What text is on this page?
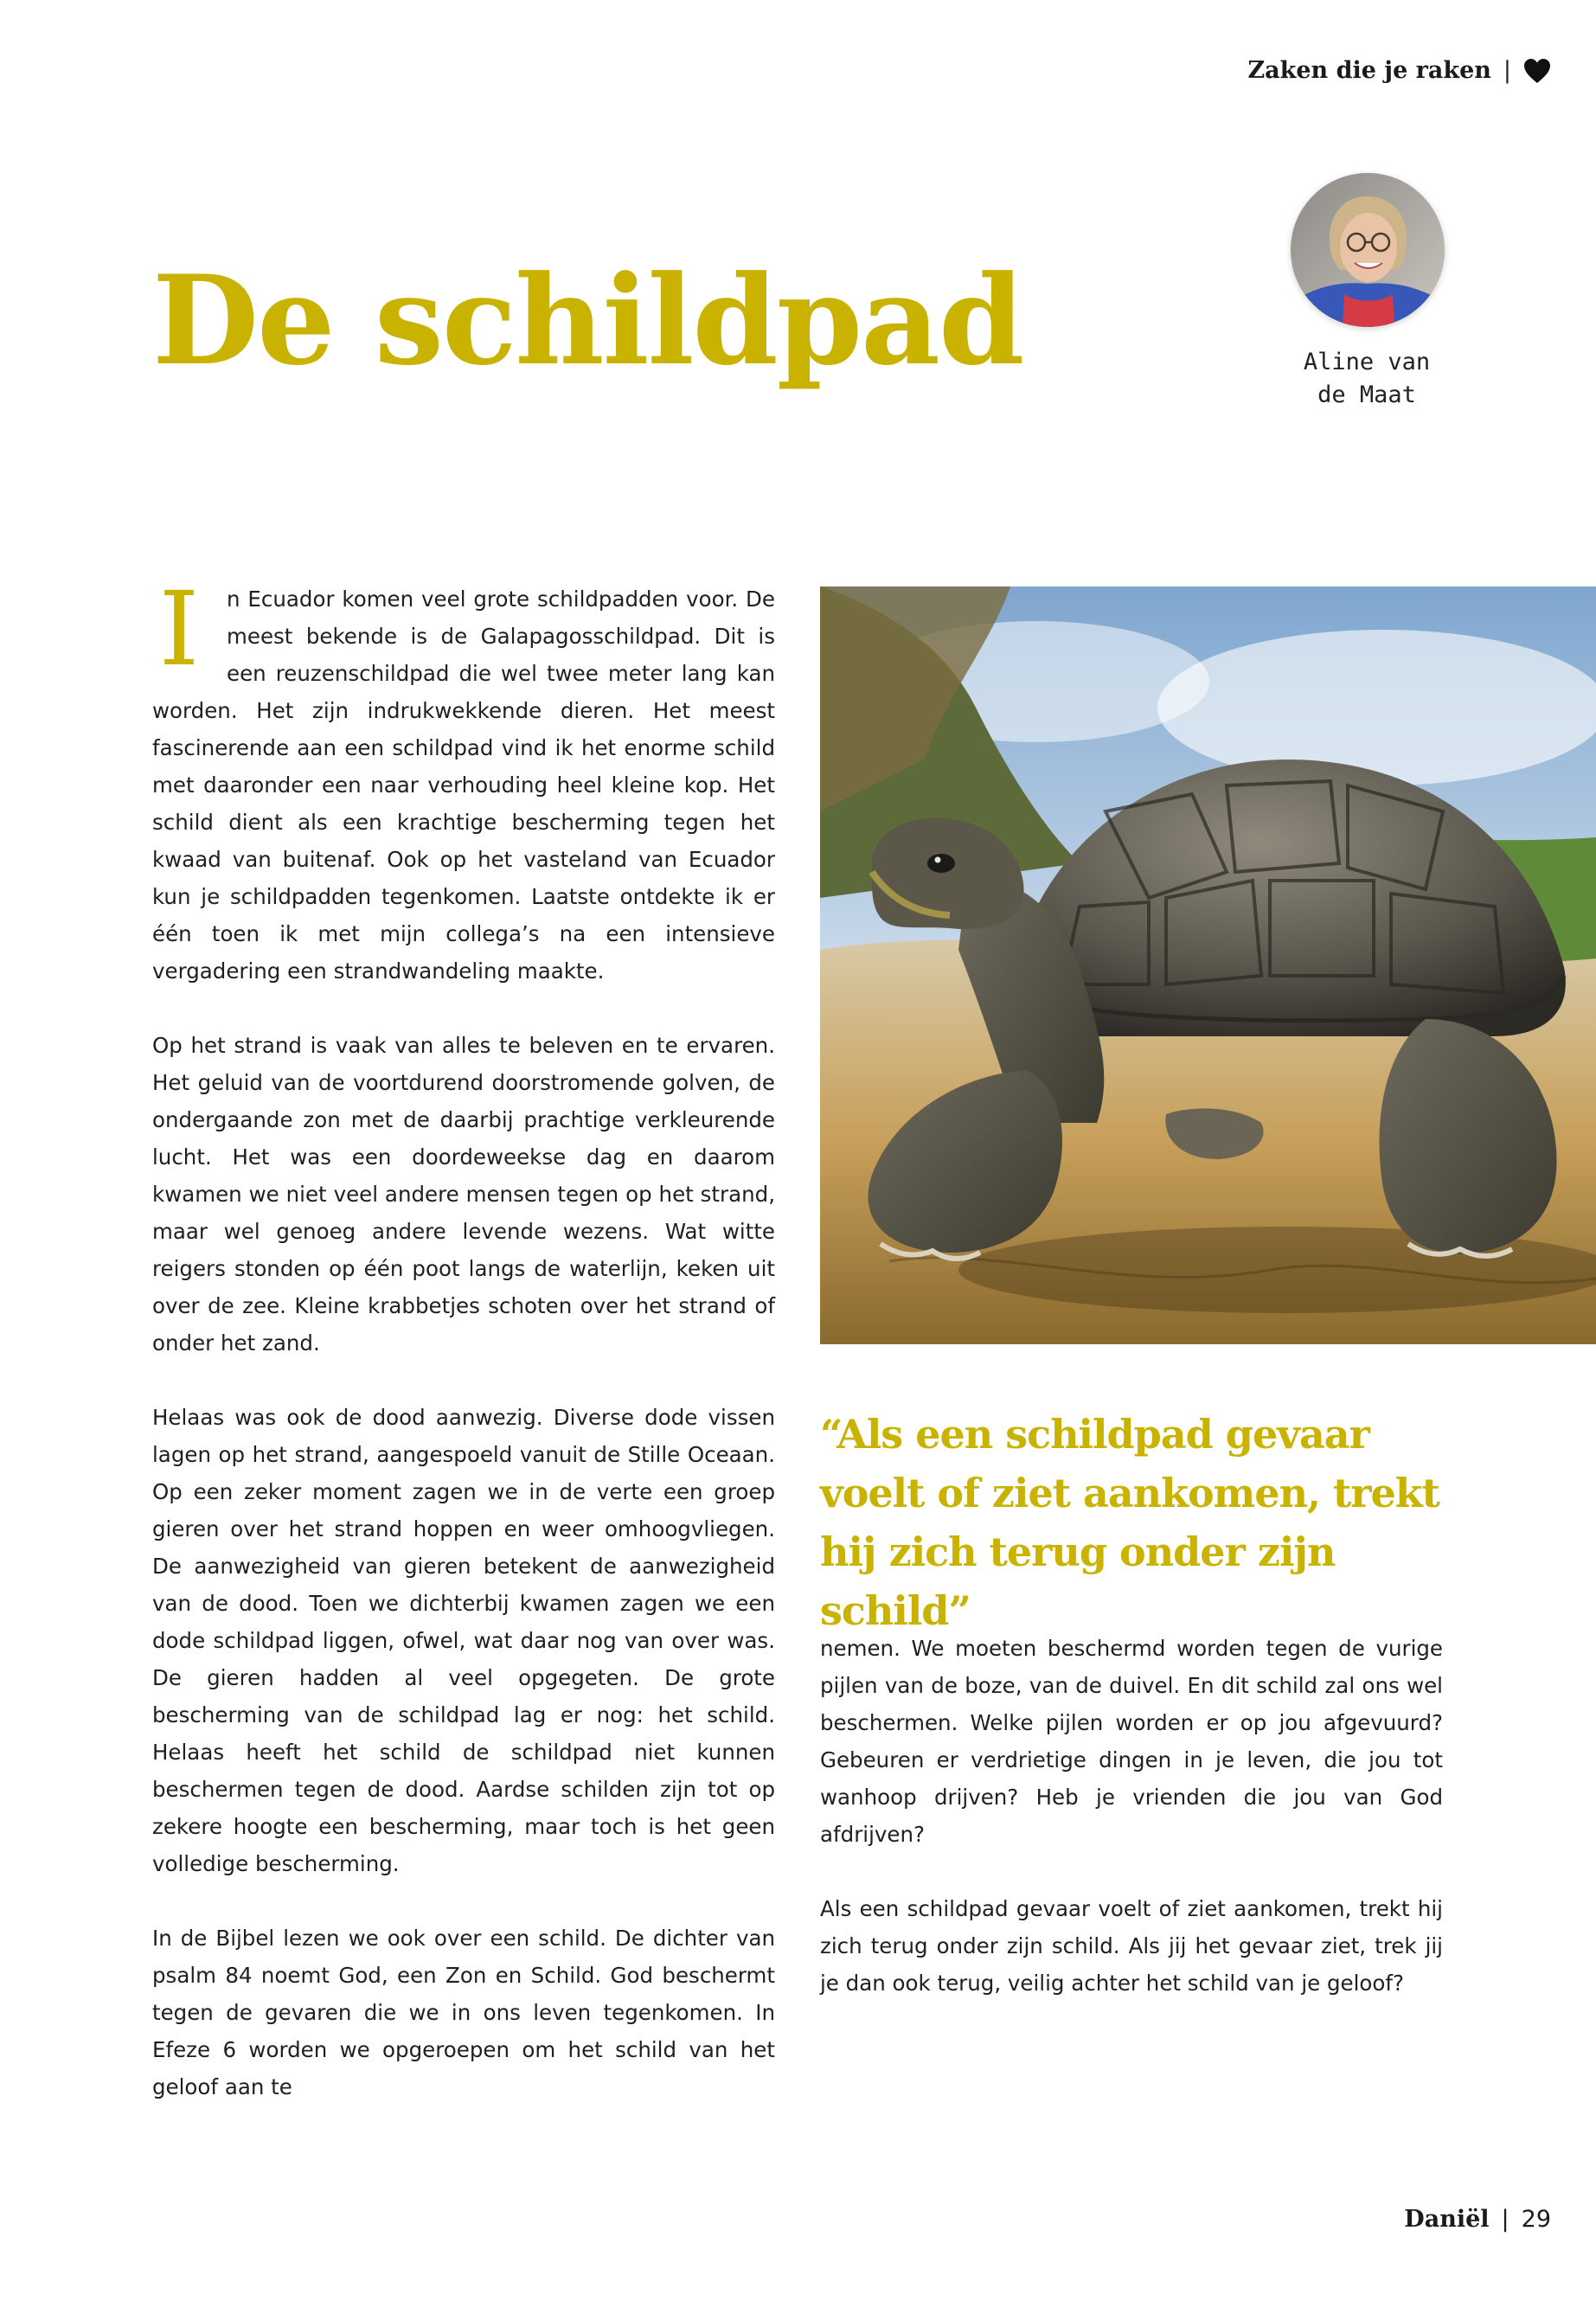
Zaken die je raken |
De schildpad	Aline van
de Maat

I	n Ecuador komen veel grote schildpadden voor. De meest bekende is de Galapagosschildpad. Dit is een reuzenschildpad die wel twee meter lang kan worden. Het zijn indrukwekkende dieren. Het meest fascinerende aan een schildpad vind ik het enorme schild met daaronder een naar verhouding heel kleine kop. Het schild dient als een krachtige bescherming tegen het kwaad van buitenaf. Ook op het vasteland van Ecuador kun je schildpadden tegenkomen. Laatste ontdekte ik er één toen ik met mijn collega’s na een intensieve vergadering een strandwandeling maakte.

Op het strand is vaak van alles te beleven en te ervaren. Het geluid van de voortdurend doorstromende golven, de ondergaande zon met de daarbij prachtige verkleurende lucht. Het was een doordeweekse dag en daarom kwamen we niet veel andere mensen tegen op het strand, maar wel genoeg andere levende wezens. Wat witte reigers stonden op één poot langs de waterlijn, keken uit over de zee. Kleine krabbetjes schoten over het strand of onder het zand.

Helaas was ook de dood aanwezig. Diverse dode vissen lagen op het strand, aangespoeld vanuit de Stille Oceaan. Op een zeker moment zagen we in de verte een groep gieren over het strand hoppen en weer omhoogvliegen. De aanwezigheid van gieren betekent de aanwezigheid van de dood. Toen we dichterbij kwamen zagen we een dode schildpad liggen, ofwel, wat daar nog van over was. De gieren hadden al veel opgegeten. De grote bescherming van de schildpad lag er nog: het schild. Helaas heeft het schild de schildpad niet kunnen beschermen tegen de dood. Aardse schilden zijn tot op zekere hoogte een bescherming, maar toch is het geen volledige bescherming.

In de Bijbel lezen we ook over een schild. De dichter van psalm 84 noemt God, een Zon en Schild. God beschermt tegen de gevaren die we in ons leven tegenkomen. In Efeze 6 worden we opgeroepen om het schild van het geloof aan te

“Als een schildpad gevaar voelt of ziet aankomen, trekt hij zich terug onder zijn schild”

nemen. We moeten beschermd worden tegen de vurige pijlen van de boze, van de duivel. En dit schild zal ons wel beschermen. Welke pijlen worden er op jou afgevuurd? Gebeuren er verdrietige dingen in je leven, die jou tot wanhoop drijven? Heb je vrienden die jou van God afdrijven?

Als een schildpad gevaar voelt of ziet aankomen, trekt hij zich terug onder zijn schild. Als jij het gevaar ziet, trek jij je dan ook terug, veilig achter het schild van je geloof?

Daniël | 29
